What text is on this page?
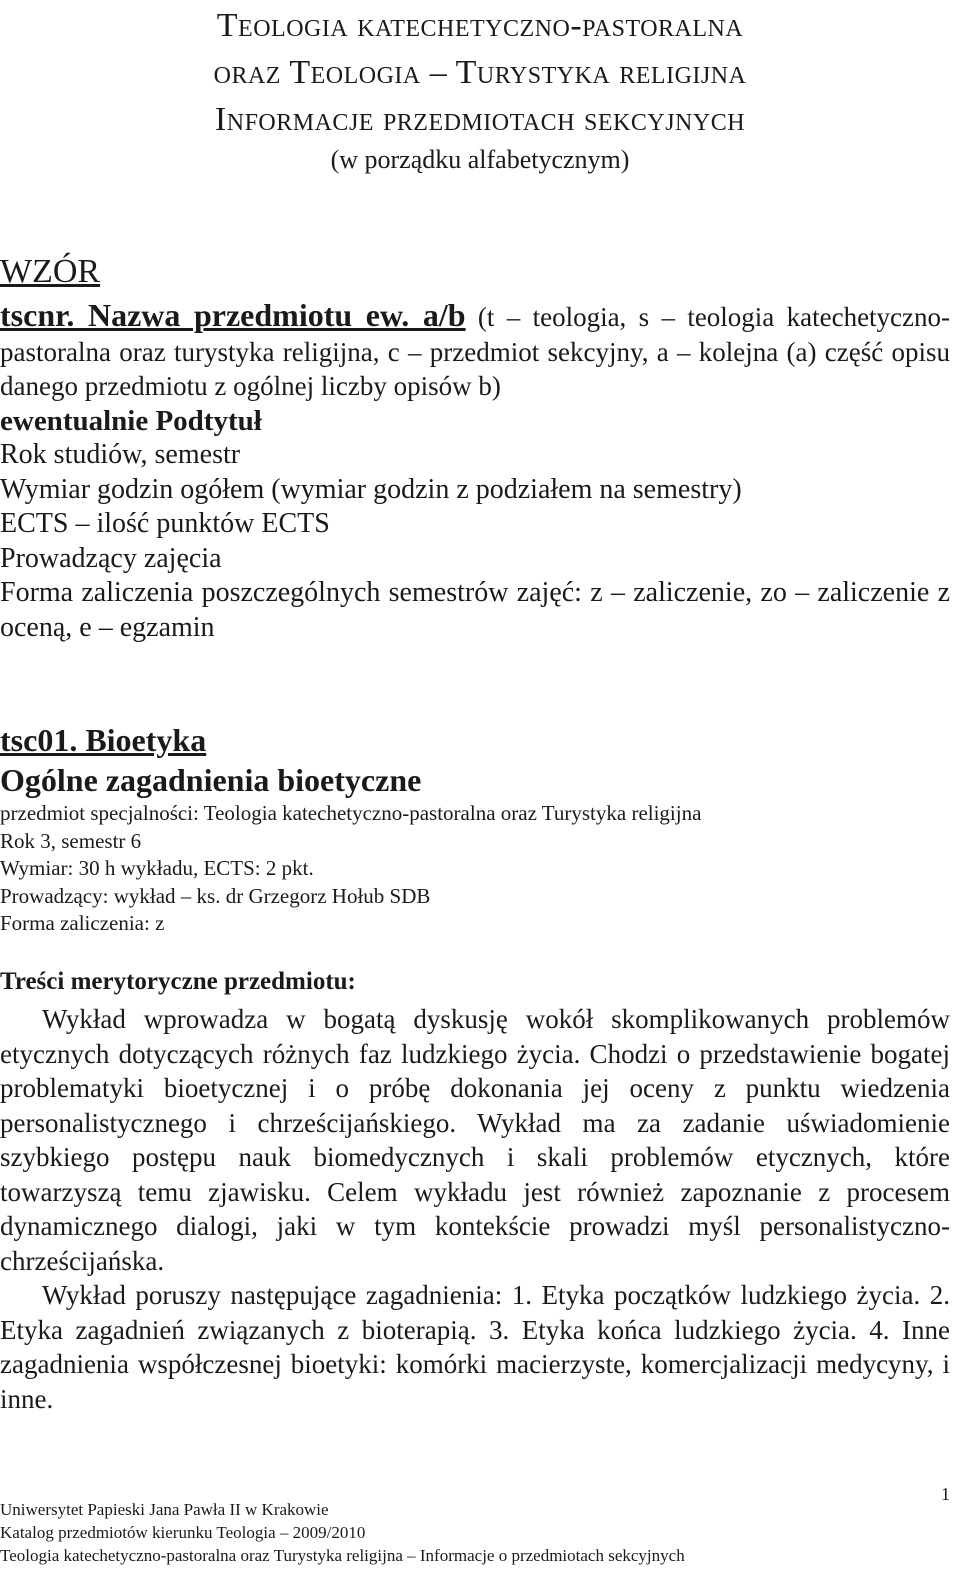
Teologia katechetyczno-pastoralna

oraz Teologia – Turystyka religijna

Informacje przedmiotach sekcyjnych

(w porządku alfabetycznym)

WZÓR
tscnr. Nazwa przedmiotu ew. a/b (t – teologia, s – teologia katechetyczno-pastoralna oraz turystyka religijna, c – przedmiot sekcyjny, a – kolejna (a) część opisu danego przedmiotu z ogólnej liczby opisów b)
ewentualnie Podtytuł
Rok studiów, semestr
Wymiar godzin ogółem (wymiar godzin z podziałem na semestry)
ECTS – ilość punktów ECTS
Prowadzący zajęcia
Forma zaliczenia poszczególnych semestrów zajęć: z – zaliczenie, zo – zaliczenie z oceną, e – egzamin
tsc01. Bioetyka
Ogólne zagadnienia bioetyczne
przedmiot specjalności: Teologia katechetyczno-pastoralna oraz Turystyka religijna
Rok 3, semestr 6
Wymiar: 30 h wykładu, ECTS: 2 pkt.
Prowadzący: wykład – ks. dr Grzegorz Hołub SDB
Forma zaliczenia: z
Treści merytoryczne przedmiotu:

Wykład wprowadza w bogatą dyskusję wokół skomplikowanych problemów etycznych dotyczących różnych faz ludzkiego życia. Chodzi o przedstawienie bogatej problematyki bioetycznej i o próbę dokonania jej oceny z punktu wiedzenia personalistycznego i chrześcijańskiego. Wykład ma za zadanie uświadomienie szybkiego postępu nauk biomedycznych i skali problemów etycznych, które towarzyszą temu zjawisku. Celem wykładu jest również zapoznanie z procesem dynamicznego dialogi, jaki w tym kontekście prowadzi myśl personalistyczno-chrześcijańska.

Wykład poruszy następujące zagadnienia: 1. Etyka początków ludzkiego życia. 2. Etyka zagadnień związanych z bioterapią. 3. Etyka końca ludzkiego życia. 4. Inne zagadnienia współczesnej bioetyki: komórki macierzyste, komercjalizacji medycyny, i inne.

1
Uniwersytet Papieski Jana Pawła II w Krakowie
Katalog przedmiotów kierunku Teologia – 2009/2010
Teologia katechetyczno-pastoralna oraz Turystyka religijna – Informacje o przedmiotach sekcyjnych
